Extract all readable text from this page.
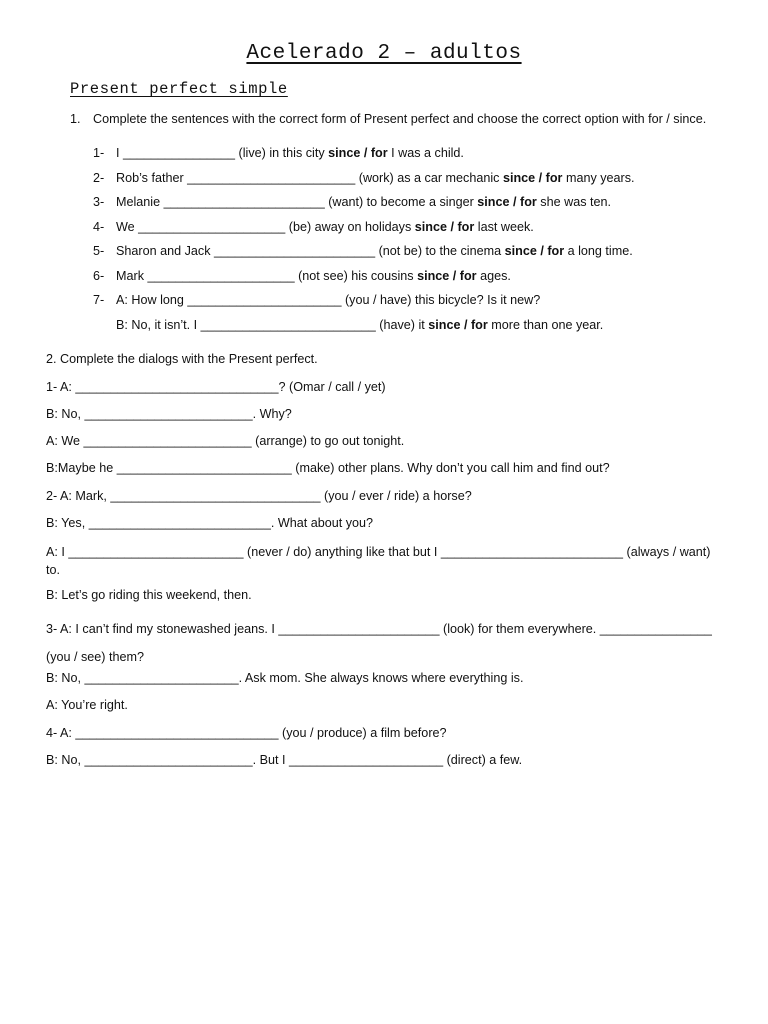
Acelerado 2 – adultos
Present perfect simple
1. Complete the sentences with the correct form of Present perfect and choose the correct option with for / since.
1- I ________________ (live) in this city since / for I was a child.
2- Rob’s father ________________________ (work) as a car mechanic since / for many years.
3- Melanie _______________________ (want) to become a singer since / for she was ten.
4- We _____________________ (be) away on holidays since / for last week.
5- Sharon and Jack _______________________ (not be) to the cinema since / for a long time.
6- Mark _____________________ (not see) his cousins since / for ages.
7- A: How long ______________________ (you / have) this bicycle? Is it new?
B: No, it isn’t. I _________________________ (have) it since / for more than one year.
2. Complete the dialogs with the Present perfect.
1- A: _____________________________? (Omar / call / yet)
B: No, ________________________. Why?
A: We ________________________ (arrange) to go out tonight.
B:Maybe he _________________________ (make) other plans. Why don’t you call him and find out?
2- A: Mark, ______________________________ (you / ever / ride) a horse?
B: Yes, __________________________. What about you?
A: I _________________________ (never / do) anything like that but I __________________________ (always / want) to.
B: Let’s go riding this weekend, then.
3- A: I can’t find my stonewashed jeans. I _______________________ (look) for them everywhere. ________________ (you / see) them?
B: No, ______________________. Ask mom. She always knows where everything is.
A: You’re right.
4- A: _____________________________ (you / produce) a film before?
B: No, ________________________. But I ______________________ (direct) a few.
